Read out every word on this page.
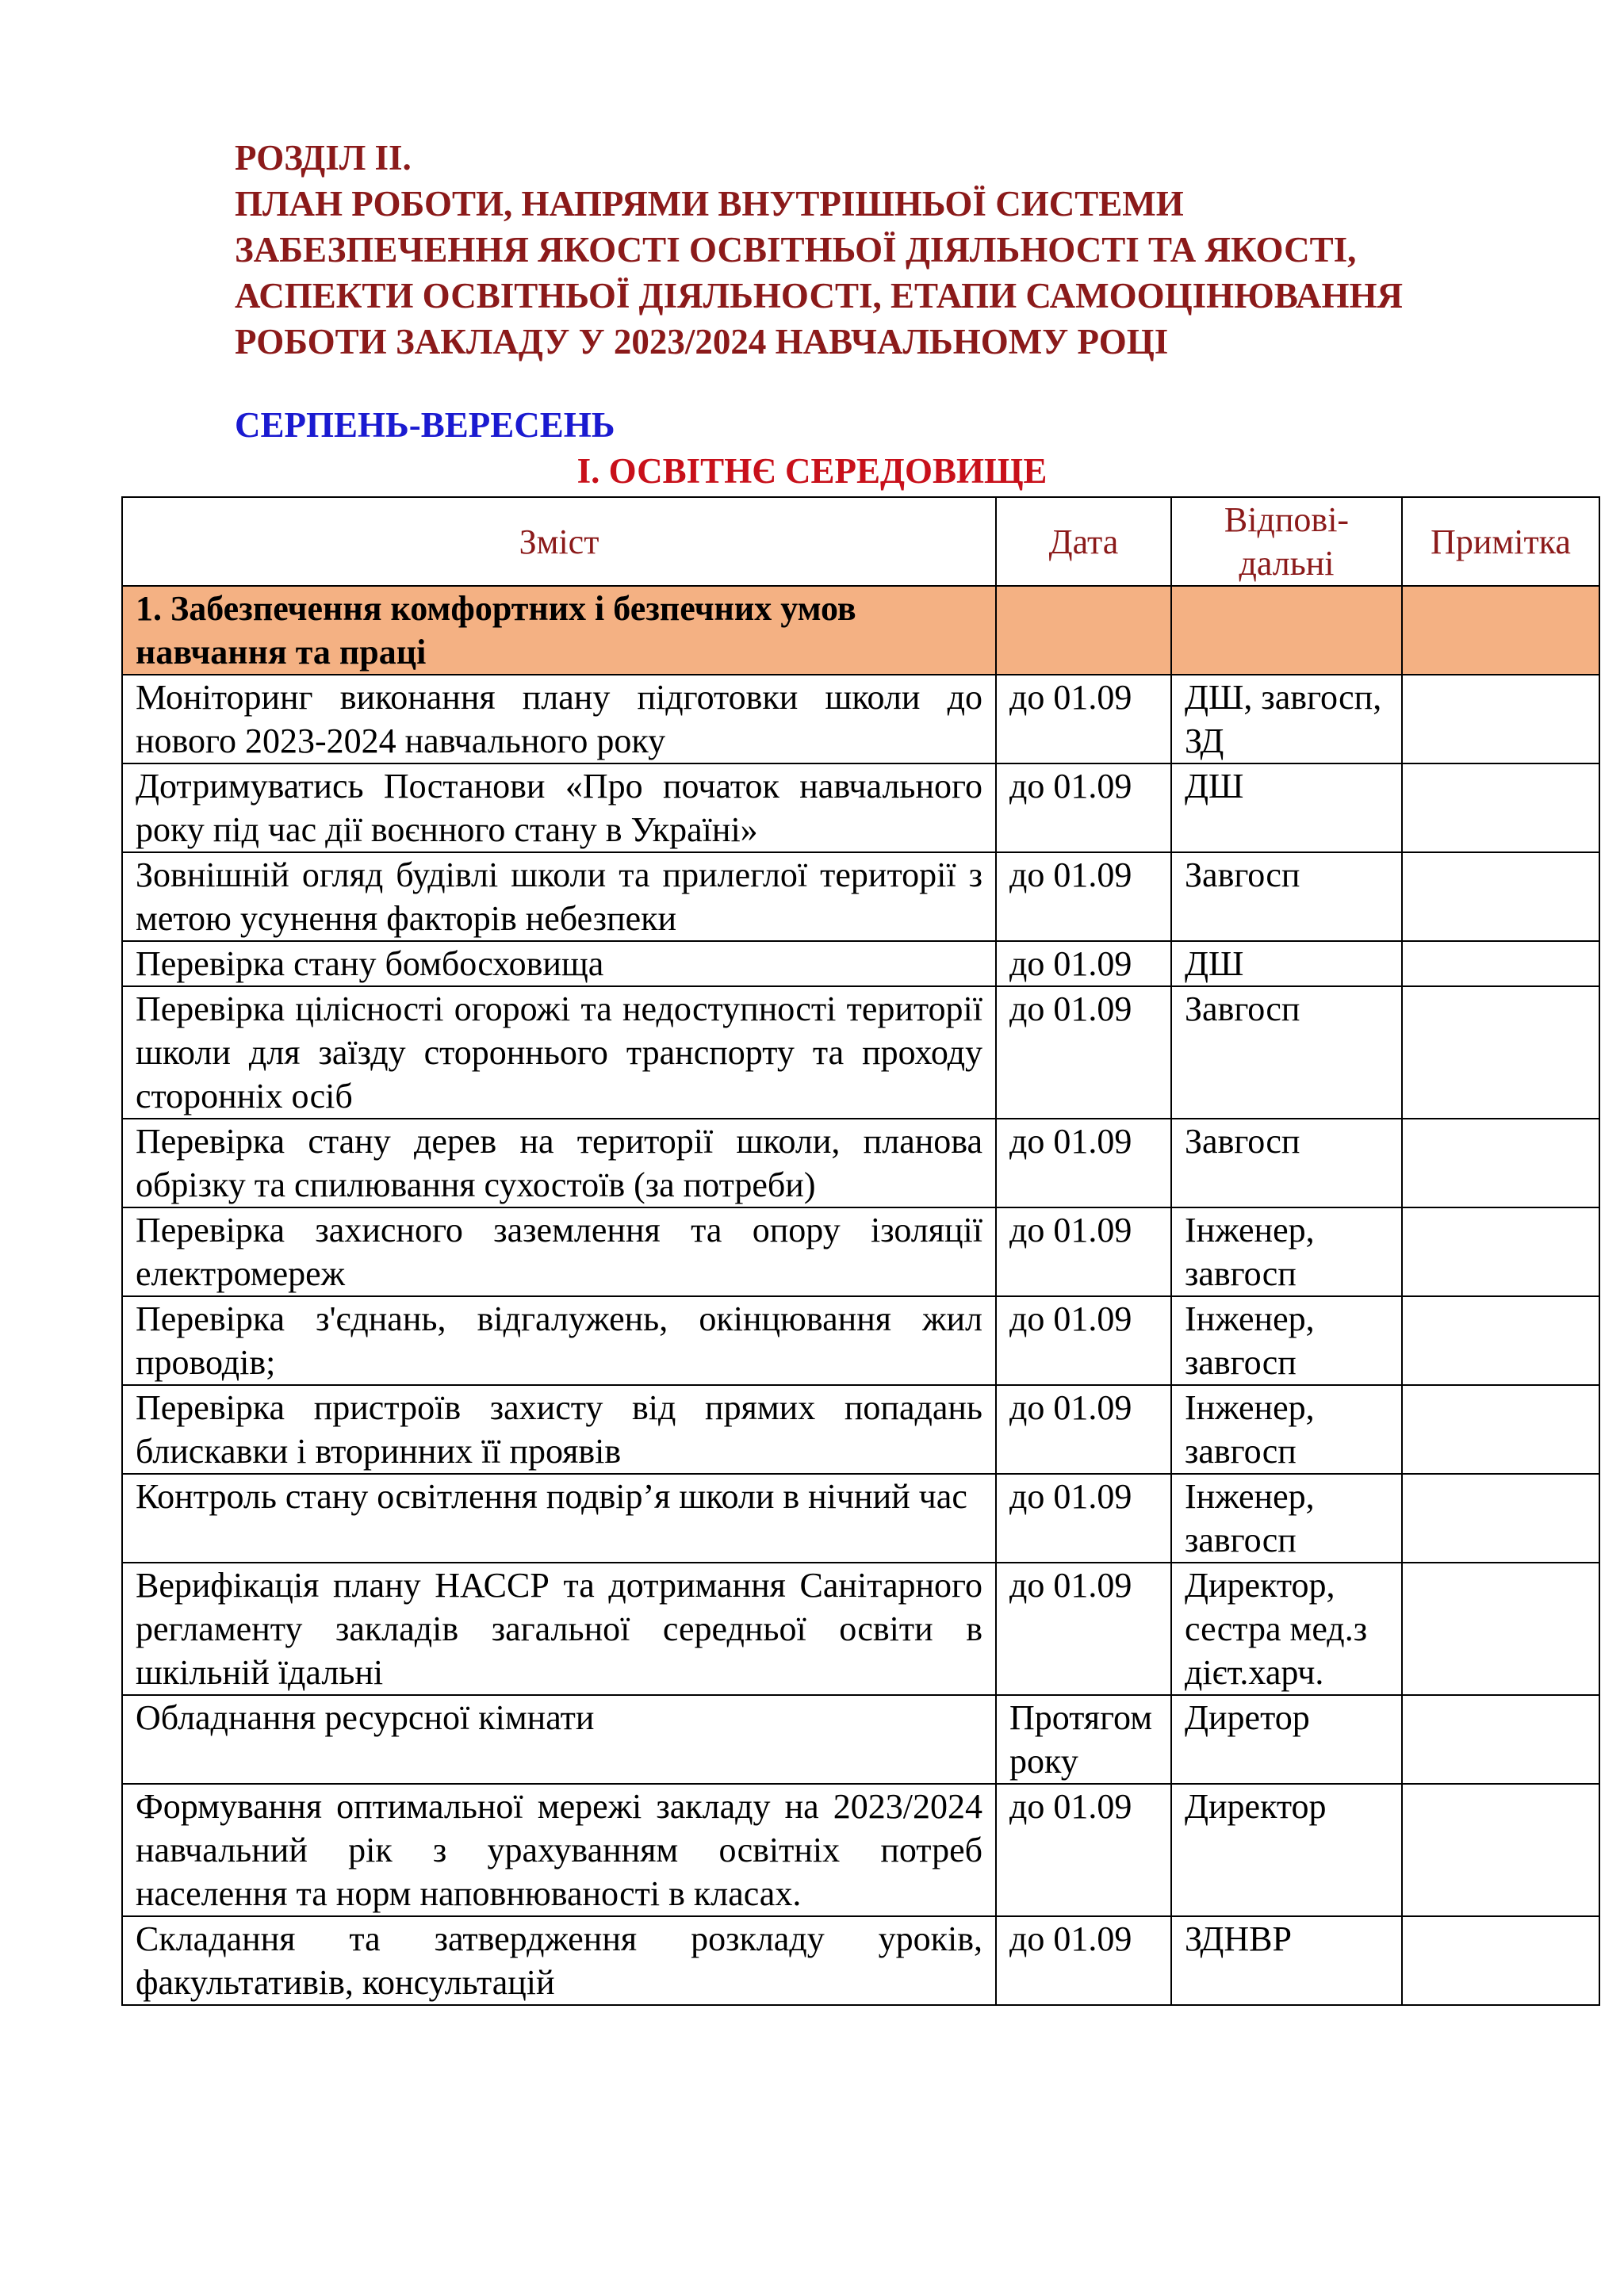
РОЗДІЛ ІІ.
ПЛАН РОБОТИ, НАПРЯМИ ВНУТРІШНЬОЇ СИСТЕМИ
ЗАБЕЗПЕЧЕННЯ ЯКОСТІ ОСВІТНЬОЇ ДІЯЛЬНОСТІ ТА ЯКОСТІ,
АСПЕКТИ ОСВІТНЬОЇ ДІЯЛЬНОСТІ, ЕТАПИ САМООЦІНЮВАННЯ
РОБОТИ ЗАКЛАДУ У 2023/2024 НАВЧАЛЬНОМУ РОЦІ
СЕРПЕНЬ-ВЕРЕСЕНЬ
І. ОСВІТНЄ СЕРЕДОВИЩЕ
Зміст	Дата	Відпові-дальні	Примітка
1. Забезпечення комфортних і безпечних умов навчання та праці			
Моніторинг виконання плану підготовки школи до нового 2023-2024 навчального року	до 01.09	ДШ, завгосп, ЗД	
Дотримуватись Постанови «Про початок навчального року під час дії воєнного стану в Україні»	до 01.09	ДШ	
Зовнішній огляд будівлі школи та прилеглої території з метою усунення факторів небезпеки	до 01.09	Завгосп	
Перевірка стану бомбосховища	до 01.09	ДШ	
Перевірка цілісності огорожі та недоступності території школи для заїзду стороннього транспорту та проходу сторонніх осіб	до 01.09	Завгосп	
Перевірка стану дерев на території школи, планова обрізку та спилювання сухостоїв (за потреби)	до 01.09	Завгосп	
Перевірка захисного заземлення та опору ізоляції електромереж	до 01.09	Інженер, завгосп	
Перевірка з'єднань, відгалужень, окінцювання жил проводів;	до 01.09	Інженер, завгосп	
Перевірка пристроїв захисту від прямих попадань блискавки і вторинних її проявів	до 01.09	Інженер, завгосп	
Контроль стану освітлення подвір’я школи в нічний час	до 01.09	Інженер, завгосп	
Верифікація плану НАССР та дотримання Санітарного регламенту закладів загальної середньої освіти в шкільній їдальні	до 01.09	Директор, сестра мед.з дієт.харч.	
Обладнання ресурсної кімнати	Протягом року	Диретор	
Формування оптимальної мережі закладу на 2023/2024 навчальний рік з урахуванням освітніх потреб населення та норм наповнюваності в класах.	до 01.09	Директор	
Складання та затвердження розкладу уроків, факультативів, консультацій	до 01.09	ЗДНВР	
